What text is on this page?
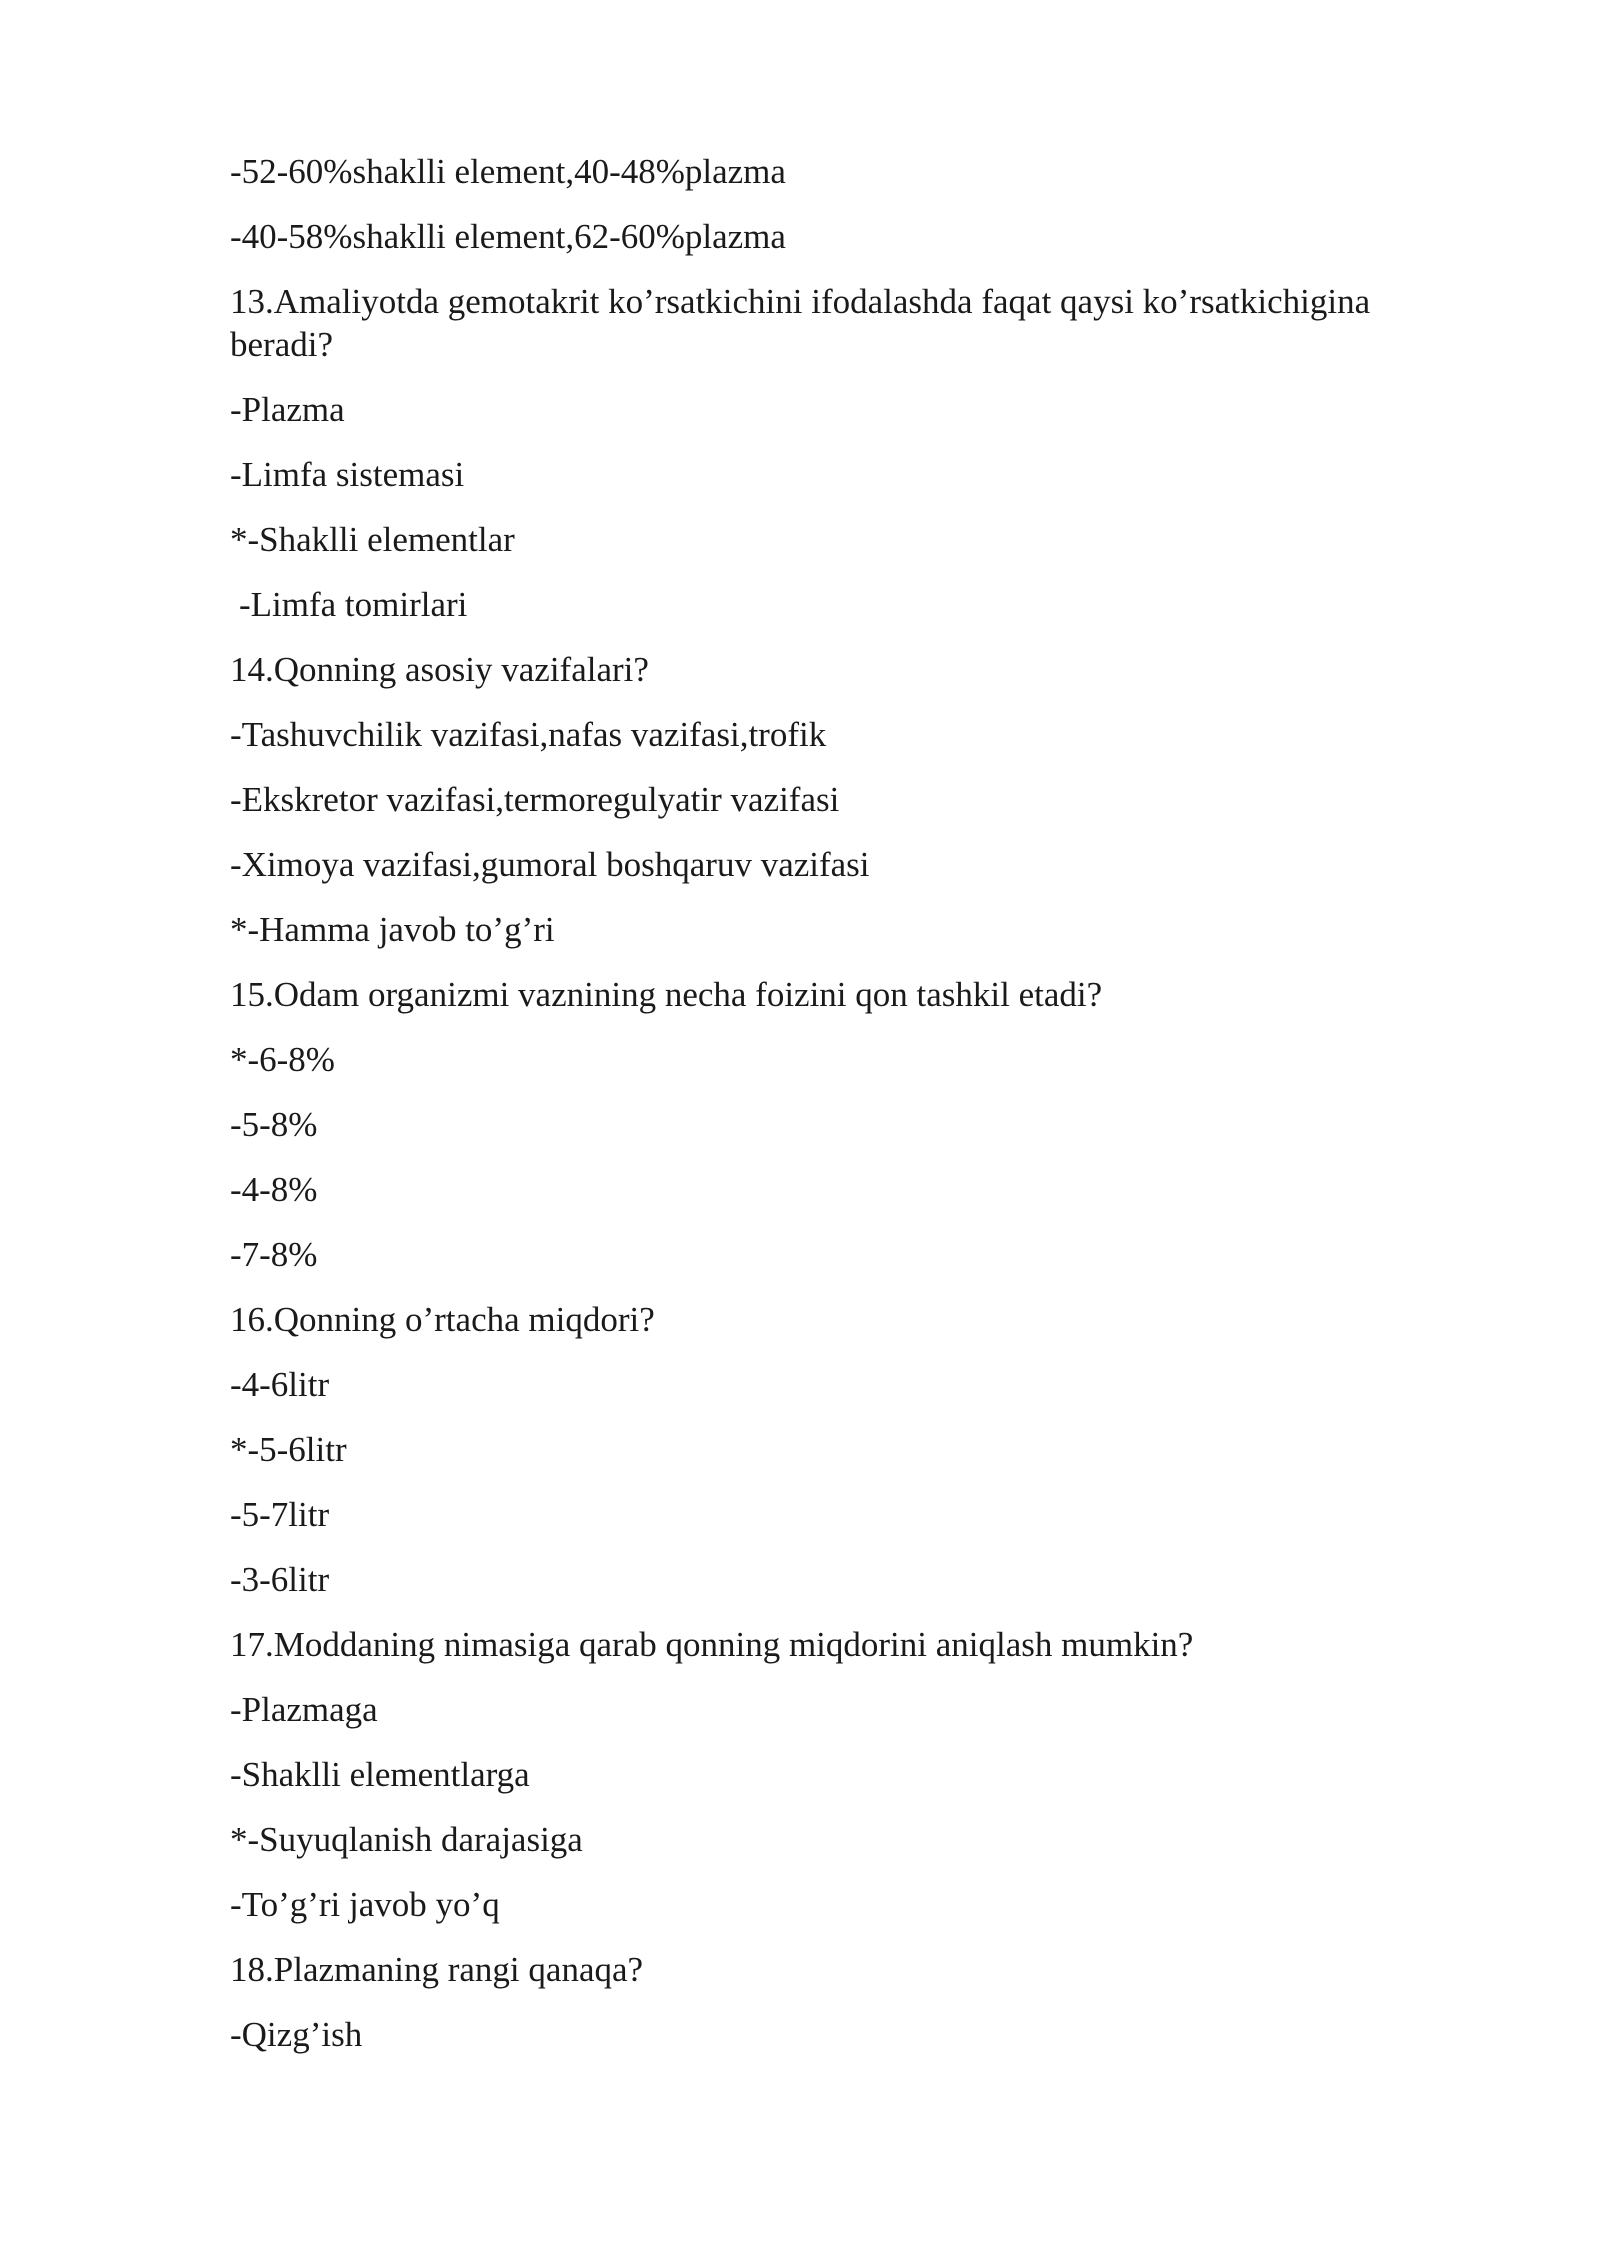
-52-60%shaklli element,40-48%plazma

-40-58%shaklli element,62-60%plazma

13.Amaliyotda gemotakrit ko’rsatkichini ifodalashda faqat qaysi ko’rsatkichigina beradi?

-Plazma

-Limfa sistemasi

*-Shaklli elementlar

-Limfa tomirlari

14.Qonning asosiy vazifalari?

-Tashuvchilik vazifasi,nafas vazifasi,trofik

-Ekskretor vazifasi,termoregulyatir vazifasi

-Ximoya vazifasi,gumoral boshqaruv vazifasi

*-Hamma javob to’g’ri

15.Odam organizmi vaznining necha foizini qon tashkil etadi?

*-6-8%

-5-8%

-4-8%

-7-8%

16.Qonning o’rtacha miqdori?

-4-6litr

*-5-6litr

-5-7litr

-3-6litr

17.Moddaning nimasiga qarab qonning miqdorini aniqlash mumkin?

-Plazmaga

-Shaklli elementlarga

*-Suyuqlanish darajasiga

-To’g’ri javob yo’q

18.Plazmaning rangi qanaqa?

-Qizg’ish
